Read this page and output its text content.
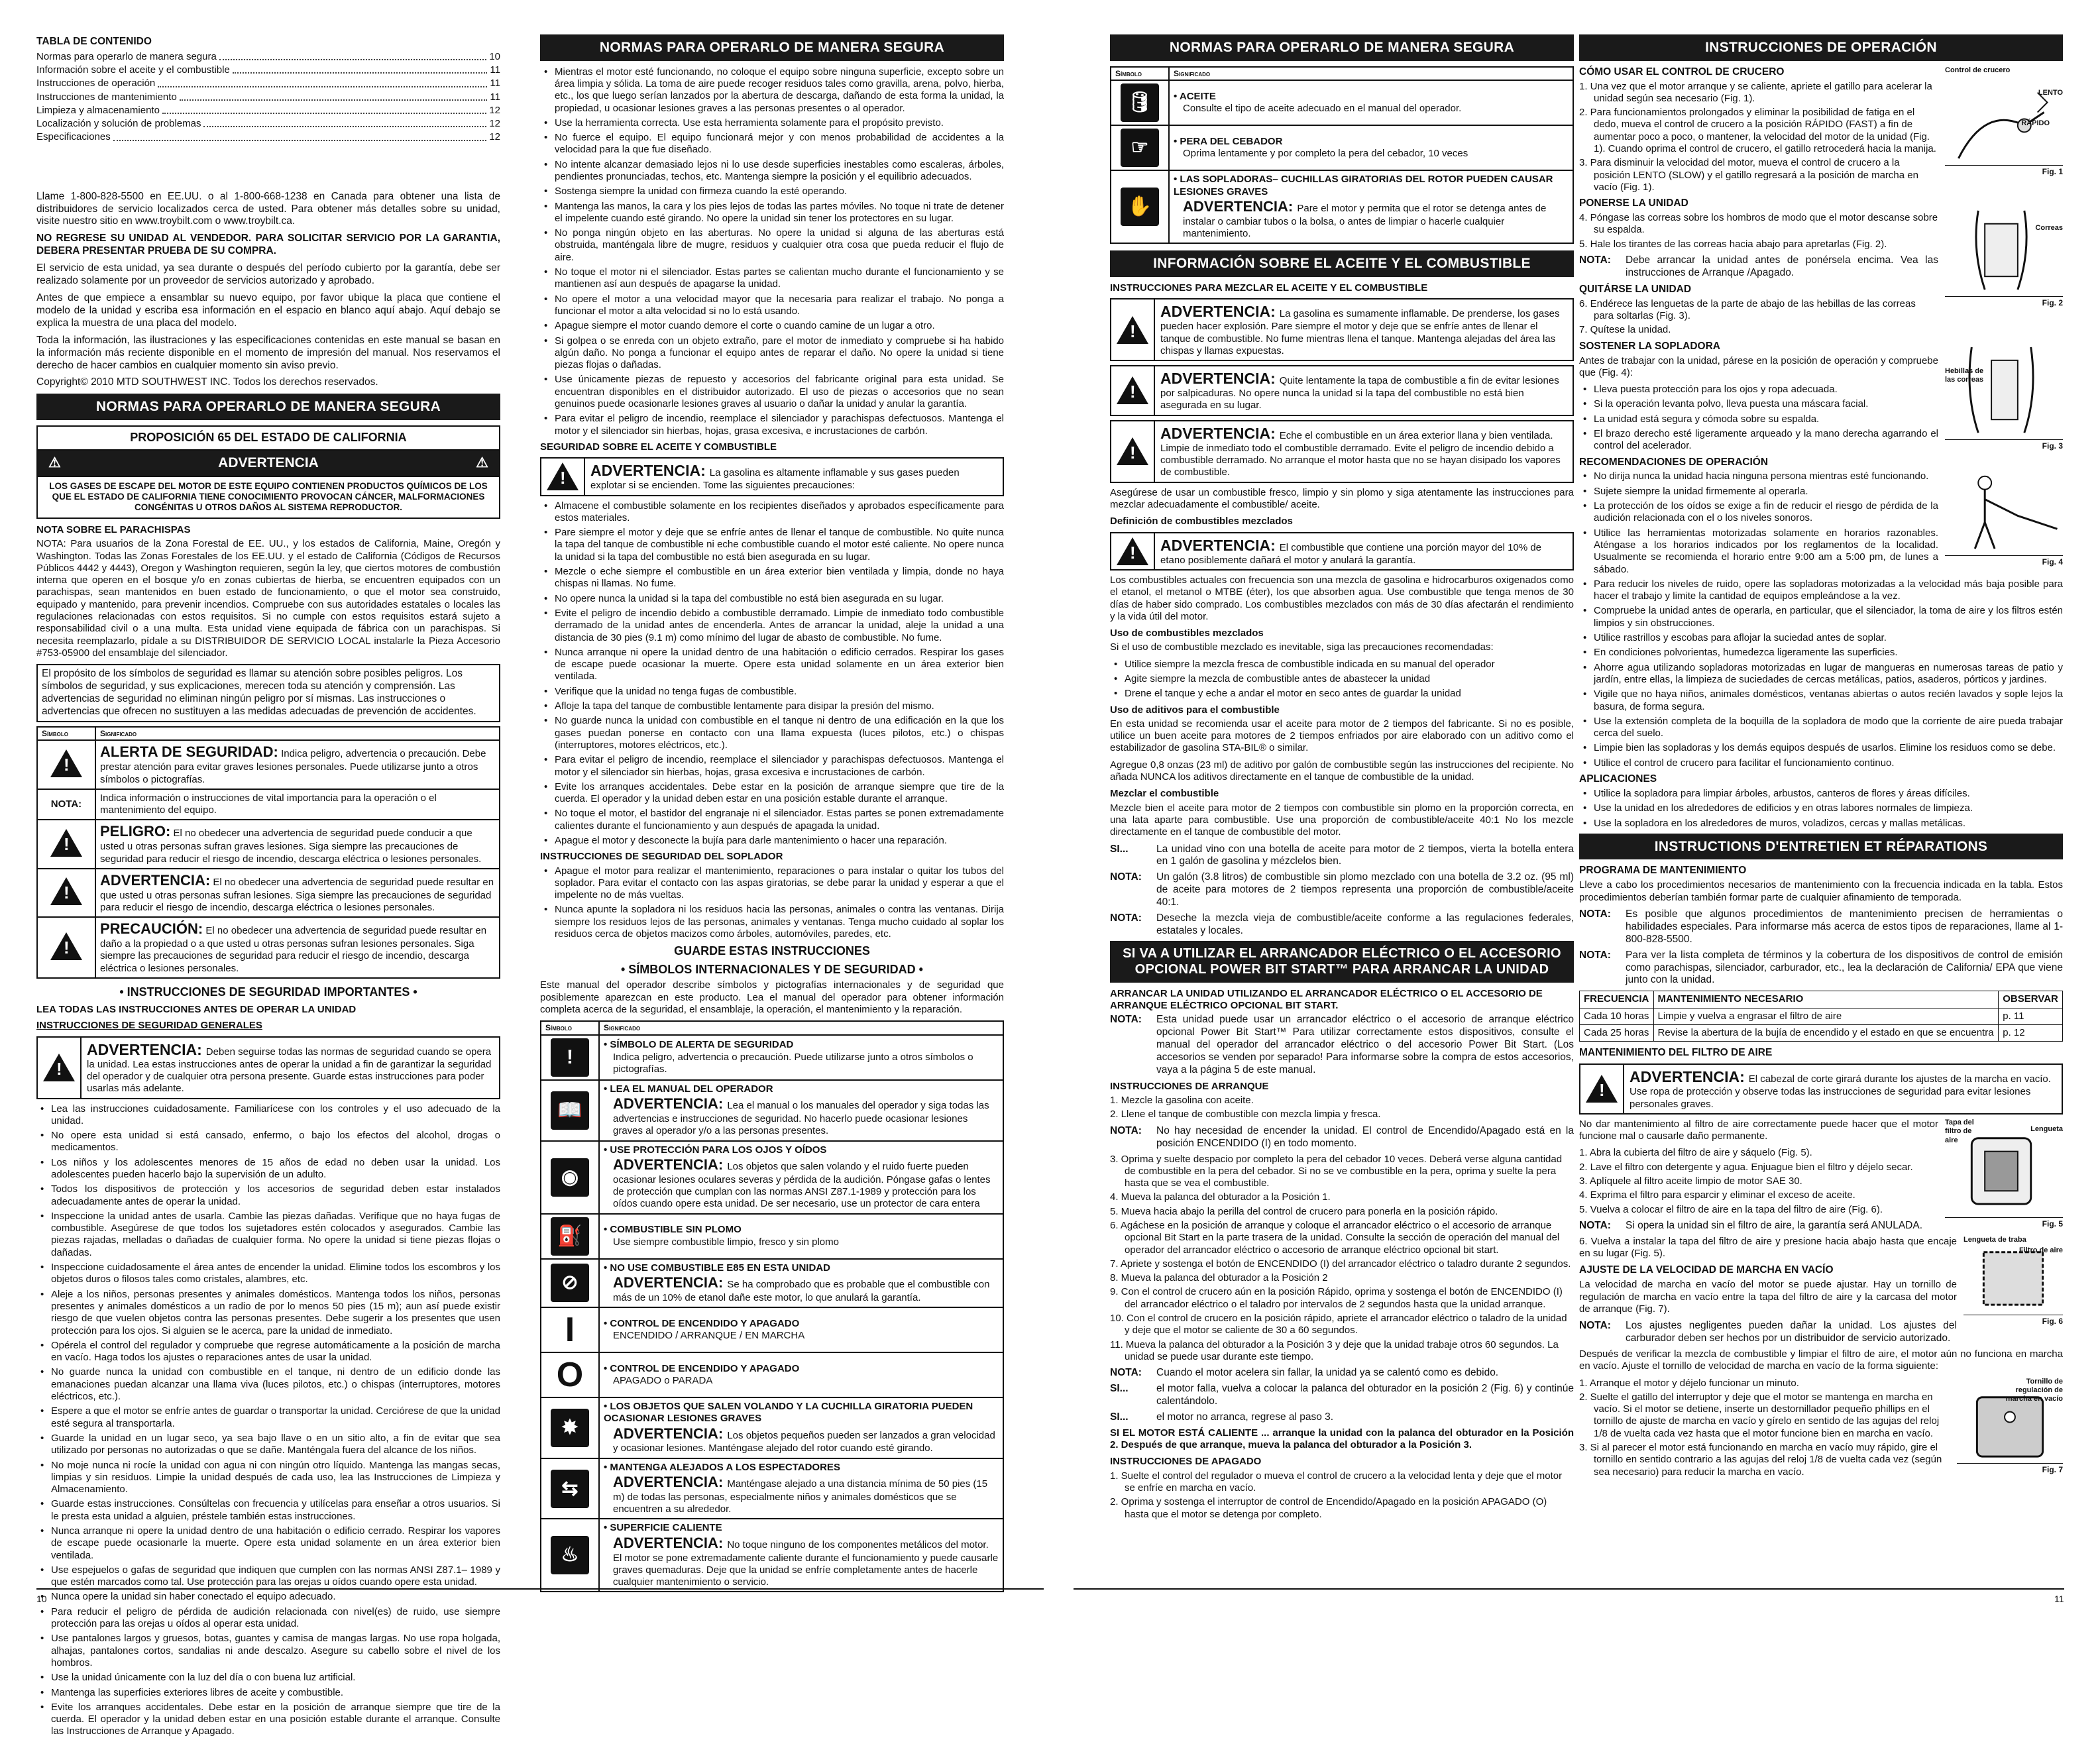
TABLA DE CONTENIDO
Normas para operarlo de manera segura	10
Información sobre el aceite y el combustible	11
Instrucciones de operación	11
Instrucciones de mantenimiento	11
Limpieza y almacenamiento	12
Localización y solución de problemas	12
Especificaciones	12

Llame 1-800-828-5500 en EE.UU. o al 1-800-668-1238 en Canada para obtener una lista de distribuidores de servicio localizados cerca de usted. Para obtener más detalles sobre su unidad, visite nuestro sitio en www.troybilt.com o www.troybilt.ca.

NO REGRESE SU UNIDAD AL VENDEDOR. PARA SOLICITAR SERVICIO POR LA GARANTIA, DEBERA PRESENTAR PRUEBA DE SU COMPRA.

El servicio de esta unidad, ya sea durante o después del período cubierto por la garantía, debe ser realizado solamente por un proveedor de servicios autorizado y aprobado.

Antes de que empiece a ensamblar su nuevo equipo, por favor ubique la placa que contiene el modelo de la unidad y escriba esa información en el espacio en blanco aquí abajo. Aquí debajo se explica la muestra de una placa del modelo.

Toda la información, las ilustraciones y las especificaciones contenidas en este manual se basan en la información más reciente disponible en el momento de impresión del manual. Nos reservamos el derecho de hacer cambios en cualquier momento sin aviso previo.

Copyright© 2010 MTD SOUTHWEST INC. Todos los derechos reservados.

NORMAS PARA OPERARLO DE MANERA SEGURA
PROPOSICIÓN 65 DEL ESTADO DE CALIFORNIA
⚠	ADVERTENCIA	⚠
LOS GASES DE ESCAPE DEL MOTOR DE ESTE EQUIPO CONTIENEN PRODUCTOS QUÍMICOS DE LOS QUE EL ESTADO DE CALIFORNIA TIENE CONOCIMIENTO PROVOCAN CÁNCER, MALFORMACIONES CONGÉNITAS U OTROS DAÑOS AL SISTEMA REPRODUCTOR.
NOTA SOBRE EL PARACHISPAS

NOTA: Para usuarios de la Zona Forestal de EE. UU., y los estados de California, Maine, Oregón y Washington. Todas las Zonas Forestales de los EE.UU. y el estado de California (Códigos de Recursos Públicos 4442 y 4443), Oregon y Washington requieren, según la ley, que ciertos motores de combustión interna que operen en el bosque y/o en zonas cubiertas de hierba, se encuentren equipados con un parachispas, sean mantenidos en buen estado de funcionamiento, o que el motor sea construido, equipado y mantenido, para prevenir incendios. Compruebe con sus autoridades estatales o locales las regulaciones relacionadas con estos requisitos. Si no cumple con estos requisitos estará sujeto a responsabilidad civil o a una multa. Esta unidad viene equipada de fábrica con un parachispas. Si necesita reemplazarlo, pídale a su DISTRIBUIDOR DE SERVICIO LOCAL instalarle la Pieza Accesorio #753-05900 del ensamblaje del silenciador.

El propósito de los símbolos de seguridad es llamar su atención sobre posibles peligros. Los símbolos de seguridad, y sus explicaciones, merecen toda su atención y comprensión. Las advertencias de seguridad no eliminan ningún peligro por sí mismas. Las instrucciones o advertencias que ofrecen no sustituyen a las medidas adecuadas de prevención de accidentes.
Símbolo	Significado
!	ALERTA DE SEGURIDAD: Indica peligro, advertencia o precaución. Debe prestar atención para evitar graves lesiones personales. Puede utilizarse junto a otros símbolos o pictografías.
NOTA:	Indica información o instrucciones de vital importancia para la operación o el mantenimiento del equipo.
!	PELIGRO: El no obedecer una advertencia de seguridad puede conducir a que usted u otras personas sufran graves lesiones. Siga siempre las precauciones de seguridad para reducir el riesgo de incendio, descarga eléctrica o lesiones personales.
!	ADVERTENCIA: El no obedecer una advertencia de seguridad puede resultar en que usted u otras personas sufran lesiones. Siga siempre las precauciones de seguridad para reducir el riesgo de incendio, descarga eléctrica o lesiones personales.
!	PRECAUCIÓN: El no obedecer una advertencia de seguridad puede resultar en daño a la propiedad o a que usted u otras personas sufran lesiones personales. Siga siempre las precauciones de seguridad para reducir el riesgo de incendio, descarga eléctrica o lesiones personales.
• INSTRUCCIONES DE SEGURIDAD IMPORTANTES •
LEA TODAS LAS INSTRUCCIONES ANTES DE OPERAR LA UNIDAD
INSTRUCCIONES DE SEGURIDAD GENERALES
!
ADVERTENCIA: Deben seguirse todas las normas de seguridad cuando se opera la unidad. Lea estas instrucciones antes de operar la unidad a fin de garantizar la seguridad del operador y de cualquier otra persona presente. Guarde estas instrucciones para poder usarlas más adelante.
• Lea las instrucciones cuidadosamente. Familiarícese con los controles y el uso adecuado de la unidad.
• No opere esta unidad si está cansado, enfermo, o bajo los efectos del alcohol, drogas o medicamentos.
• Los niños y los adolescentes menores de 15 años de edad no deben usar la unidad. Los adolescentes pueden hacerlo bajo la supervisión de un adulto.
• Todos los dispositivos de protección y los accesorios de seguridad deben estar instalados adecuadamente antes de operar la unidad.
• Inspeccione la unidad antes de usarla. Cambie las piezas dañadas. Verifique que no haya fugas de combustible. Asegúrese de que todos los sujetadores estén colocados y asegurados. Cambie las piezas rajadas, melladas o dañadas de cualquier forma. No opere la unidad si tiene piezas flojas o dañadas.
• Inspeccione cuidadosamente el área antes de encender la unidad. Elimine todos los escombros y los objetos duros o filosos tales como cristales, alambres, etc.
• Aleje a los niños, personas presentes y animales domésticos. Mantenga todos los niños, personas presentes y animales domésticos a un radio de por lo menos 50 pies (15 m); aun así puede existir riesgo de que vuelen objetos contra las personas presentes. Debe sugerir a los presentes que usen protección para los ojos. Si alguien se le acerca, pare la unidad de inmediato.
• Opérela el control del regulador y compruebe que regrese automáticamente a la posición de marcha en vacío. Haga todos los ajustes o reparaciones antes de usar la unidad.
• No guarde nunca la unidad con combustible en el tanque, ni dentro de un edificio donde las emanaciones puedan alcanzar una llama viva (luces pilotos, etc.) o chispas (interruptores, motores eléctricos, etc.).
• Espere a que el motor se enfríe antes de guardar o transportar la unidad. Cerciórese de que la unidad esté segura al transportarla.
• Guarde la unidad en un lugar seco, ya sea bajo llave o en un sitio alto, a fin de evitar que sea utilizado por personas no autorizadas o que se dañe. Manténgala fuera del alcance de los niños.
• No moje nunca ni rocíe la unidad con agua ni con ningún otro líquido. Mantenga las mangas secas, limpias y sin residuos. Limpie la unidad después de cada uso, lea las Instrucciones de Limpieza y Almacenamiento.
• Guarde estas instrucciones. Consúltelas con frecuencia y utilícelas para enseñar a otros usuarios. Si le presta esta unidad a alguien, préstele también estas instrucciones.
• Nunca arranque ni opere la unidad dentro de una habitación o edificio cerrado. Respirar los vapores de escape puede ocasionarle la muerte. Opere esta unidad solamente en un área exterior bien ventilada.
• Use espejuelos o gafas de seguridad que indiquen que cumplen con las normas ANSI Z87.1– 1989 y que estén marcados como tal. Use protección para las orejas u oídos cuando opere esta unidad.
• Nunca opere la unidad sin haber conectado el equipo adecuado.
• Para reducir el peligro de pérdida de audición relacionada con nivel(es) de ruido, use siempre protección para las orejas u oídos al operar esta unidad.
• Use pantalones largos y gruesos, botas, guantes y camisa de mangas largas. No use ropa holgada, alhajas, pantalones cortos, sandalias ni ande descalzo. Asegure su cabello sobre el nivel de los hombros.
• Use la unidad únicamente con la luz del día o con buena luz artificial.
• Mantenga las superficies exteriores libres de aceite y combustible.
• Evite los arranques accidentales. Debe estar en la posición de arranque siempre que tire de la cuerda. El operador y la unidad deben estar en una posición estable durante el arranque. Consulte las Instrucciones de Arranque y Apagado.
NORMAS PARA OPERARLO DE MANERA SEGURA
• Mientras el motor esté funcionando, no coloque el equipo sobre ninguna superficie, excepto sobre un área limpia y sólida. La toma de aire puede recoger residuos tales como gravilla, arena, polvo, hierba, etc., los que luego serían lanzados por la abertura de descarga, dañando de esta forma la unidad, la propiedad, u ocasionar lesiones graves a las personas presentes o al operador.
• Use la herramienta correcta. Use esta herramienta solamente para el propósito previsto.
• No fuerce el equipo. El equipo funcionará mejor y con menos probabilidad de accidentes a la velocidad para la que fue diseñado.
• No intente alcanzar demasiado lejos ni lo use desde superficies inestables como escaleras, árboles, pendientes pronunciadas, techos, etc. Mantenga siempre la posición y el equilibrio adecuados.
• Sostenga siempre la unidad con firmeza cuando la esté operando.
• Mantenga las manos, la cara y los pies lejos de todas las partes móviles. No toque ni trate de detener el impelente cuando esté girando. No opere la unidad sin tener los protectores en su lugar.
• No ponga ningún objeto en las aberturas. No opere la unidad si alguna de las aberturas está obstruida, manténgala libre de mugre, residuos y cualquier otra cosa que pueda reducir el flujo de aire.
• No toque el motor ni el silenciador. Estas partes se calientan mucho durante el funcionamiento y se mantienen así aun después de apagarse la unidad.
• No opere el motor a una velocidad mayor que la necesaria para realizar el trabajo. No ponga a funcionar el motor a alta velocidad si no lo está usando.
• Apague siempre el motor cuando demore el corte o cuando camine de un lugar a otro.
• Si golpea o se enreda con un objeto extraño, pare el motor de inmediato y compruebe si ha habido algún daño. No ponga a funcionar el equipo antes de reparar el daño. No opere la unidad si tiene piezas flojas o dañadas.
• Use únicamente piezas de repuesto y accesorios del fabricante original para esta unidad. Se encuentran disponibles en el distribuidor autorizado. El uso de piezas o accesorios que no sean genuinos puede ocasionarle lesiones graves al usuario o dañar la unidad y anular la garantía.
• Para evitar el peligro de incendio, reemplace el silenciador y parachispas defectuosos. Mantenga el motor y el silenciador sin hierbas, hojas, grasa excesiva, e incrustaciones de carbón.
SEGURIDAD SOBRE EL ACEITE Y COMBUSTIBLE
!
ADVERTENCIA: La gasolina es altamente inflamable y sus gases pueden explotar si se encienden. Tome las siguientes precauciones:
• Almacene el combustible solamente en los recipientes diseñados y aprobados específicamente para estos materiales.
• Pare siempre el motor y deje que se enfríe antes de llenar el tanque de combustible. No quite nunca la tapa del tanque de combustible ni eche combustible cuando el motor esté caliente. No opere nunca la unidad si la tapa del combustible no está bien asegurada en su lugar.
• Mezcle o eche siempre el combustible en un área exterior bien ventilada y limpia, donde no haya chispas ni llamas. No fume.
• No opere nunca la unidad si la tapa del combustible no está bien asegurada en su lugar.
• Evite el peligro de incendio debido a combustible derramado. Limpie de inmediato todo combustible derramado de la unidad antes de encenderla. Antes de arrancar la unidad, aleje la unidad a una distancia de 30 pies (9.1 m) como mínimo del lugar de abasto de combustible. No fume.
• Nunca arranque ni opere la unidad dentro de una habitación o edificio cerrados. Respirar los gases de escape puede ocasionar la muerte. Opere esta unidad solamente en un área exterior bien ventilada.
• Verifique que la unidad no tenga fugas de combustible.
• Afloje la tapa del tanque de combustible lentamente para disipar la presión del mismo.
• No guarde nunca la unidad con combustible en el tanque ni dentro de una edificación en la que los gases puedan ponerse en contacto con una llama expuesta (luces pilotos, etc.) o chispas (interruptores, motores eléctricos, etc.).
• Para evitar el peligro de incendio, reemplace el silenciador y parachispas defectuosos. Mantenga el motor y el silenciador sin hierbas, hojas, grasa excesiva e incrustaciones de carbón.
• Evite los arranques accidentales. Debe estar en la posición de arranque siempre que tire de la cuerda. El operador y la unidad deben estar en una posición estable durante el arranque.
• No toque el motor, el bastidor del engranaje ni el silenciador. Estas partes se ponen extremadamente calientes durante el funcionamiento y aun después de apagada la unidad.
• Apague el motor y desconecte la bujía para darle mantenimiento o hacer una reparación.
INSTRUCCIONES DE SEGURIDAD DEL SOPLADOR
• Apague el motor para realizar el mantenimiento, reparaciones o para instalar o quitar los tubos del soplador. Para evitar el contacto con las aspas giratorias, se debe parar la unidad y esperar a que el impelente no de más vueltas.
• Nunca apunte la sopladora ni los residuos hacia las personas, animales o contra las ventanas. Dirija siempre los residuos lejos de las personas, animales y ventanas. Tenga mucho cuidado al soplar los residuos cerca de objetos macizos como árboles, automóviles, paredes, etc.
GUARDE ESTAS INSTRUCCIONES
• SÍMBOLOS INTERNACIONALES Y DE SEGURIDAD •

Este manual del operador describe símbolos y pictografías internacionales y de seguridad que posiblemente aparezcan en este producto. Lea el manual del operador para obtener información completa acerca de la seguridad, el ensamblaje, la operación, el mantenimiento y la reparación.

Símbolo	Significado
!	• SÍMBOLO DE ALERTA DE SEGURIDAD
Indica peligro, advertencia o precaución. Puede utilizarse junto a otros símbolos o pictografías.

📖	• LEA EL MANUAL DEL OPERADOR
ADVERTENCIA: Lea el manual o los manuales del operador y siga todas las advertencias e instrucciones de seguridad. No hacerlo puede ocasionar lesiones graves al operador y/o a las personas presentes.

◉	• USE PROTECCIÓN PARA LOS OJOS Y OÍDOS
ADVERTENCIA: Los objetos que salen volando y el ruido fuerte pueden ocasionar lesiones oculares severas y pérdida de la audición. Póngase gafas o lentes de protección que cumplan con las normas ANSI Z87.1-1989 y protección para los oídos cuando opere esta unidad. De ser necesario, use un protector de cara entera

⛽	• COMBUSTIBLE SIN PLOMO
Use siempre combustible limpio, fresco y sin plomo

⊘	• NO USE COMBUSTIBLE E85 EN ESTA UNIDAD
ADVERTENCIA: Se ha comprobado que es probable que el combustible con más de un 10% de etanol dañe este motor, lo que anulará la garantía.

I	• CONTROL DE ENCENDIDO Y APAGADO
ENCENDIDO / ARRANQUE / EN MARCHA

O	• CONTROL DE ENCENDIDO Y APAGADO
APAGADO o PARADA

✸	• LOS OBJETOS QUE SALEN VOLANDO Y LA CUCHILLA GIRATORIA PUEDEN OCASIONAR LESIONES GRAVES
ADVERTENCIA: Los objetos pequeños pueden ser lanzados a gran velocidad y ocasionar lesiones. Manténgase alejado del rotor cuando esté girando.

⇆	• MANTENGA ALEJADOS A LOS ESPECTADORES
ADVERTENCIA: Manténgase alejado a una distancia mínima de 50 pies (15 m) de todas las personas, especialmente niños y animales domésticos que se encuentren a su alrededor.

♨	• SUPERFICIE CALIENTE
ADVERTENCIA: No toque ninguno de los componentes metálicos del motor. El motor se pone extremadamente caliente durante el funcionamiento y puede causarle graves quemaduras. Deje que la unidad se enfríe completamente antes de hacerle cualquier mantenimiento o servicio.
NORMAS PARA OPERARLO DE MANERA SEGURA
Símbolo	Significado
🛢	• ACEITE
Consulte el tipo de aceite adecuado en el manual del operador.

☞	• PERA DEL CEBADOR
Oprima lentamente y por completo la pera del cebador, 10 veces

✋	• LAS SOPLADORAS– CUCHILLAS GIRATORIAS DEL ROTOR PUEDEN CAUSAR LESIONES GRAVES
ADVERTENCIA: Pare el motor y permita que el rotor se detenga antes de instalar o cambiar tubos o la bolsa, o antes de limpiar o hacerle cualquier mantenimiento.
INFORMACIÓN SOBRE EL ACEITE Y EL COMBUSTIBLE
INSTRUCCIONES PARA MEZCLAR EL ACEITE Y EL COMBUSTIBLE
!
ADVERTENCIA: La gasolina es sumamente inflamable. De prenderse, los gases pueden hacer explosión. Pare siempre el motor y deje que se enfríe antes de llenar el tanque de combustible. No fume mientras llena el tanque. Mantenga alejadas del área las chispas y llamas expuestas.
!
ADVERTENCIA: Quite lentamente la tapa de combustible a fin de evitar lesiones por salpicaduras. No opere nunca la unidad si la tapa del combustible no está bien asegurada en su lugar.
!
ADVERTENCIA: Eche el combustible en un área exterior llana y bien ventilada. Limpie de inmediato todo el combustible derramado. Evite el peligro de incendio debido a combustible derramado. No arranque el motor hasta que no se hayan disipado los vapores de combustible.

Asegúrese de usar un combustible fresco, limpio y sin plomo y siga atentamente las instrucciones para mezclar adecuadamente el combustible/ aceite.

Definición de combustibles mezclados
!
ADVERTENCIA: El combustible que contiene una porción mayor del 10% de etano posiblemente dañará el motor y anulará la garantía.

Los combustibles actuales con frecuencia son una mezcla de gasolina e hidrocarburos oxigenados como el etanol, el metanol o MTBE (éter), los que absorben agua. Use combustible que tenga menos de 30 días de haber sido comprado. Los combustibles mezclados con más de 30 días afectarán el rendimiento y la vida útil del motor.

Uso de combustibles mezclados

Si el uso de combustible mezclado es inevitable, siga las precauciones recomendadas:

• Utilice siempre la mezcla fresca de combustible indicada en su manual del operador
• Agite siempre la mezcla de combustible antes de abastecer la unidad
• Drene el tanque y eche a andar el motor en seco antes de guardar la unidad
Uso de aditivos para el combustible

En esta unidad se recomienda usar el aceite para motor de 2 tiempos del fabricante. Si no es posible, utilice un buen aceite para motores de 2 tiempos enfriados por aire elaborado con un aditivo como el estabilizador de gasolina STA-BIL® o similar.

Agregue 0,8 onzas (23 ml) de aditivo por galón de combustible según las instrucciones del recipiente. No añada NUNCA los aditivos directamente en el tanque de combustible de la unidad.

Mezclar el combustible

Mezcle bien el aceite para motor de 2 tiempos con combustible sin plomo en la proporción correcta, en una lata aparte para combustible. Use una proporción de combustible/aceite 40:1 No los mezcle directamente en el tanque de combustible del motor.

SI...	La unidad vino con una botella de aceite para motor de 2 tiempos, vierta la botella entera en 1 galón de gasolina y mézclelos bien.
NOTA:	Un galón (3.8 litros) de combustible sin plomo mezclado con una botella de 3.2 oz. (95 ml) de aceite para motores de 2 tiempos representa una proporción de combustible/aceite 40:1.
NOTA:	Deseche la mezcla vieja de combustible/aceite conforme a las regulaciones federales, estatales y locales.
SI VA A UTILIZAR EL ARRANCADOR ELÉCTRICO O EL ACCESORIO OPCIONAL POWER BIT START™ PARA ARRANCAR LA UNIDAD
ARRANCAR LA UNIDAD UTILIZANDO EL ARRANCADOR ELÉCTRICO O EL ACCESORIO DE ARRANQUE ELÉCTRICO OPCIONAL BIT START.
NOTA:	Esta unidad puede usar un arrancador eléctrico o el accesorio de arranque eléctrico opcional Power Bit Start™ Para utilizar correctamente estos dispositivos, consulte el manual del operador del arrancador eléctrico o del accesorio Power Bit Start. (Los accesorios se venden por separado! Para informarse sobre la compra de estos accesorios, vaya a la página 5 de este manual.
INSTRUCCIONES DE ARRANQUE
1. Mezcle la gasolina con aceite.
2. Llene el tanque de combustible con mezcla limpia y fresca.
NOTA:	No hay necesidad de encender la unidad. El control de Encendido/Apagado está en la posición ENCENDIDO (I) en todo momento.
3. Oprima y suelte despacio por completo la pera del cebador 10 veces. Deberá verse alguna cantidad de combustible en la pera del cebador. Si no se ve combustible en la pera, oprima y suelte la pera hasta que se vea el combustible.
4. Mueva la palanca del obturador a la Posición 1.
5. Mueva hacia abajo la perilla del control de crucero para ponerla en la posición rápido.
6. Agáchese en la posición de arranque y coloque el arrancador eléctrico o el accesorio de arranque opcional Bit Start en la parte trasera de la unidad. Consulte la sección de operación del manual del operador del arrancador eléctrico o accesorio de arranque eléctrico opcional bit start.
7. Apriete y sostenga el botón de ENCENDIDO (I) del arrancador eléctrico o taladro durante 2 segundos.
8. Mueva la palanca del obturador a la Posición 2
9. Con el control de crucero aún en la posición Rápido, oprima y sostenga el botón de ENCENDIDO (I) del arrancador eléctrico o el taladro por intervalos de 2 segundos hasta que la unidad arranque.
10. Con el control de crucero en la posición rápido, apriete el arrancador eléctrico o taladro de la unidad y deje que el motor se caliente de 30 a 60 segundos.
11. Mueva la palanca del obturador a la Posición 3 y deje que la unidad trabaje otros 60 segundos. La unidad se puede usar durante este tiempo.
NOTA:	Cuando el motor acelera sin fallar, la unidad ya se calentó como es debido.
SI...	el motor falla, vuelva a colocar la palanca del obturador en la posición 2 (Fig. 6) y continúe calentándolo.
SI...	el motor no arranca, regrese al paso 3.

SI EL MOTOR ESTÁ CALIENTE ... arranque la unidad con la palanca del obturador en la Posición 2. Después de que arranque, mueva la palanca del obturador a la Posición 3.

INSTRUCCIONES DE APAGADO
1. Suelte el control del regulador o mueva el control de crucero a la velocidad lenta y deje que el motor se enfríe en marcha en vacío.
2. Oprima y sostenga el interruptor de control de Encendido/Apagado en la posición APAGADO (O) hasta que el motor se detenga por completo.
INSTRUCCIONES DE OPERACIÓN
Control de crucero
LENTO
RÁPIDO
Fig. 1
CÓMO USAR EL CONTROL DE CRUCERO
1. Una vez que el motor arranque y se caliente, apriete el gatillo para acelerar la unidad según sea necesario (Fig. 1).
2. Para funcionamientos prolongados y eliminar la posibilidad de fatiga en el dedo, mueva el control de crucero a la posición RÁPIDO (FAST) a fin de aumentar poco a poco, o mantener, la velocidad del motor de la unidad (Fig. 1). Cuando oprima el control de crucero, el gatillo retrocederá hacia la manija.
3. Para disminuir la velocidad del motor, mueva el control de crucero a la posición LENTO (SLOW) y el gatillo regresará a la posición de marcha en vacío (Fig. 1).
Correas
Fig. 2
PONERSE LA UNIDAD
4. Póngase las correas sobre los hombros de modo que el motor descanse sobre su espalda.
5. Hale los tirantes de las correas hacia abajo para apretarlas (Fig. 2).
NOTA:	Debe arrancar la unidad antes de ponérsela encima. Vea las instrucciones de Arranque /Apagado.
QUITÁRSE LA UNIDAD
6. Endérece las lenguetas de la parte de abajo de las hebillas de las correas para soltarlas (Fig. 3).
7. Quítese la unidad.
Hebillas de las correas
Fig. 3
SOSTENER LA SOPLADORA

Antes de trabajar con la unidad, párese en la posición de operación y compruebe que (Fig. 4):

• Lleva puesta protección para los ojos y ropa adecuada.
• Si la operación levanta polvo, lleva puesta una máscara facial.
• La unidad está segura y cómoda sobre su espalda.
• El brazo derecho esté ligeramente arqueado y la mano derecha agarrando el control del acelerador.
Fig. 4
RECOMENDACIONES DE OPERACIÓN
• No dirija nunca la unidad hacia ninguna persona mientras esté funcionando.
• Sujete siempre la unidad firmemente al operarla.
• La protección de los oídos se exige a fin de reducir el riesgo de pérdida de la audición relacionada con el o los niveles sonoros.
• Utilice las herramientas motorizadas solamente en horarios razonables. Aténgase a los horarios indicados por los reglamentos de la localidad. Usualmente se recomienda el horario entre 9:00 am a 5:00 pm, de lunes a sábado.
• Para reducir los niveles de ruido, opere las sopladoras motorizadas a la velocidad más baja posible para hacer el trabajo y limite la cantidad de equipos empleándose a la vez.
• Compruebe la unidad antes de operarla, en particular, que el silenciador, la toma de aire y los filtros estén limpios y sin obstrucciones.
• Utilice rastrillos y escobas para aflojar la suciedad antes de soplar.
• En condiciones polvorientas, humedezca ligeramente las superficies.
• Ahorre agua utilizando sopladoras motorizadas en lugar de mangueras en numerosas tareas de patio y jardín, entre ellas, la limpieza de suciedades de cercas metálicas, patios, asaderos, pórticos y jardines.
• Vigile que no haya niños, animales domésticos, ventanas abiertas o autos recién lavados y sople lejos la basura, de forma segura.
• Use la extensión completa de la boquilla de la sopladora de modo que la corriente de aire pueda trabajar cerca del suelo.
• Limpie bien las sopladoras y los demás equipos después de usarlos. Elimine los residuos como se debe.
• Utilice el control de crucero para facilitar el funcionamiento continuo.
APLICACIONES
• Utilice la sopladora para limpiar árboles, arbustos, canteros de flores y áreas difíciles.
• Use la unidad en los alrededores de edificios y en otras labores normales de limpieza.
• Use la sopladora en los alrededores de muros, voladizos, cercas y mallas metálicas.
INSTRUCTIONS D'ENTRETIEN ET RÉPARATIONS
PROGRAMA DE MANTENIMIENTO

Lleve a cabo los procedimientos necesarios de mantenimiento con la frecuencia indicada en la tabla. Estos procedimientos deberían también formar parte de cualquier afinamiento de temporada.

NOTA:	Es posible que algunos procedimientos de mantenimiento precisen de herramientas o habilidades especiales. Para informarse más acerca de estos tipos de reparaciones, llame al 1-800-828-5500.
NOTA:	Para ver la lista completa de términos y la cobertura de los dispositivos de control de emisión como parachispas, silenciador, carburador, etc., lea la declaración de California/ EPA que viene junto con la unidad.
FRECUENCIA	MANTENIMIENTO NECESARIO	OBSERVAR
Cada 10 horas	Limpie y vuelva a engrasar el filtro de aire	p. 11
Cada 25 horas	Revise la abertura de la bujía de encendido y el estado en que se encuentra	p. 12
MANTENIMIENTO DEL FILTRO DE AIRE
!
ADVERTENCIA: El cabezal de corte girará durante los ajustes de la marcha en vacío. Use ropa de protección y observe todas las instrucciones de seguridad para evitar lesiones personales graves.
Tapa del filtro de aire
Lengueta
Fig. 5

No dar mantenimiento al filtro de aire correctamente puede hacer que el motor funcione mal o causarle daño permanente.

1. Abra la cubierta del filtro de aire y sáquelo (Fig. 5).
2. Lave el filtro con detergente y agua. Enjuague bien el filtro y déjelo secar.
3. Aplíquele al filtro aceite limpio de motor SAE 30.
4. Exprima el filtro para esparcir y eliminar el exceso de aceite.
5. Vuelva a colocar el filtro de aire en la tapa del filtro de aire (Fig. 6).
NOTA:	Si opera la unidad sin el filtro de aire, la garantía será ANULADA.
Lengueta de traba
Filtro de aire
Fig. 6

6. Vuelva a instalar la tapa del filtro de aire y presione hacia abajo hasta que encaje en su lugar (Fig. 5).

AJUSTE DE LA VELOCIDAD DE MARCHA EN VACÍO

La velocidad de marcha en vacío del motor se puede ajustar. Hay un tornillo de regulación de marcha en vacío entre la tapa del filtro de aire y la carcasa del motor de arranque (Fig. 7).

NOTA:	Los ajustes negligentes pueden dañar la unidad. Los ajustes del carburador deben ser hechos por un distribuidor de servicio autorizado.

Después de verificar la mezcla de combustible y limpiar el filtro de aire, el motor aún no funciona en marcha en vacío. Ajuste el tornillo de velocidad de marcha en vacío de la forma siguiente:

Tornillo de regulación de marcha en vacío
Fig. 7
1. Arranque el motor y déjelo funcionar un minuto.
2. Suelte el gatillo del interruptor y deje que el motor se mantenga en marcha en vacío. Si el motor se detiene, inserte un destornillador pequeño phillips en el tornillo de ajuste de marcha en vacío y gírelo en sentido de las agujas del reloj 1/8 de vuelta cada vez hasta que el motor funcione bien en marcha en vacío.
3. Si al parecer el motor está funcionando en marcha en vacío muy rápido, gire el tornillo en sentido contrario a las agujas del reloj 1/8 de vuelta cada vez (según sea necesario) para reducir la marcha en vacío.
10	11
